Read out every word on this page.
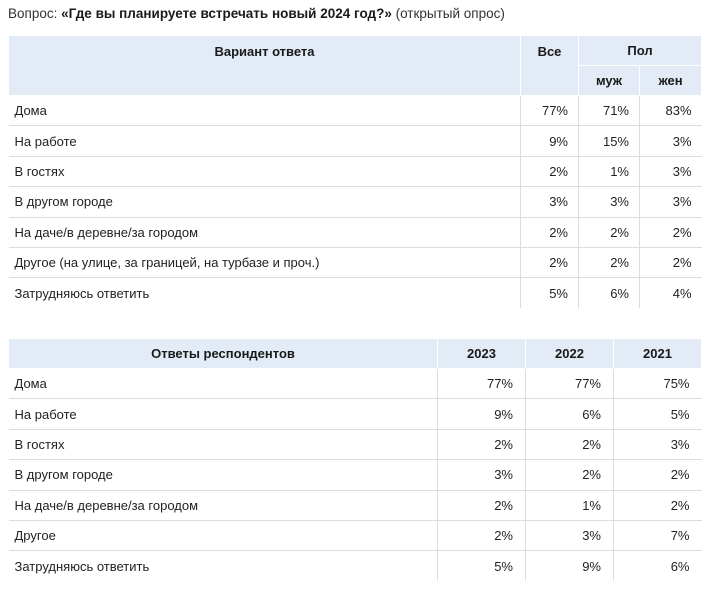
Вопрос: «Где вы планируете встречать новый 2024 год?» (открытый опрос)
Вариант ответа	Все	Пол	
		муж	жен
Дома	77%	71%	83%
На работе	9%	15%	3%
В гостях	2%	1%	3%
В другом городе	3%	3%	3%
На даче/в деревне/за городом	2%	2%	2%
Другое (на улице, за границей, на турбазе и проч.)	2%	2%	2%
Затрудняюсь ответить	5%	6%	4%
Ответы респондентов	2023	2022	2021
Дома	77%	77%	75%
На работе	9%	6%	5%
В гостях	2%	2%	3%
В другом городе	3%	2%	2%
На даче/в деревне/за городом	2%	1%	2%
Другое	2%	3%	7%
Затрудняюсь ответить	5%	9%	6%
